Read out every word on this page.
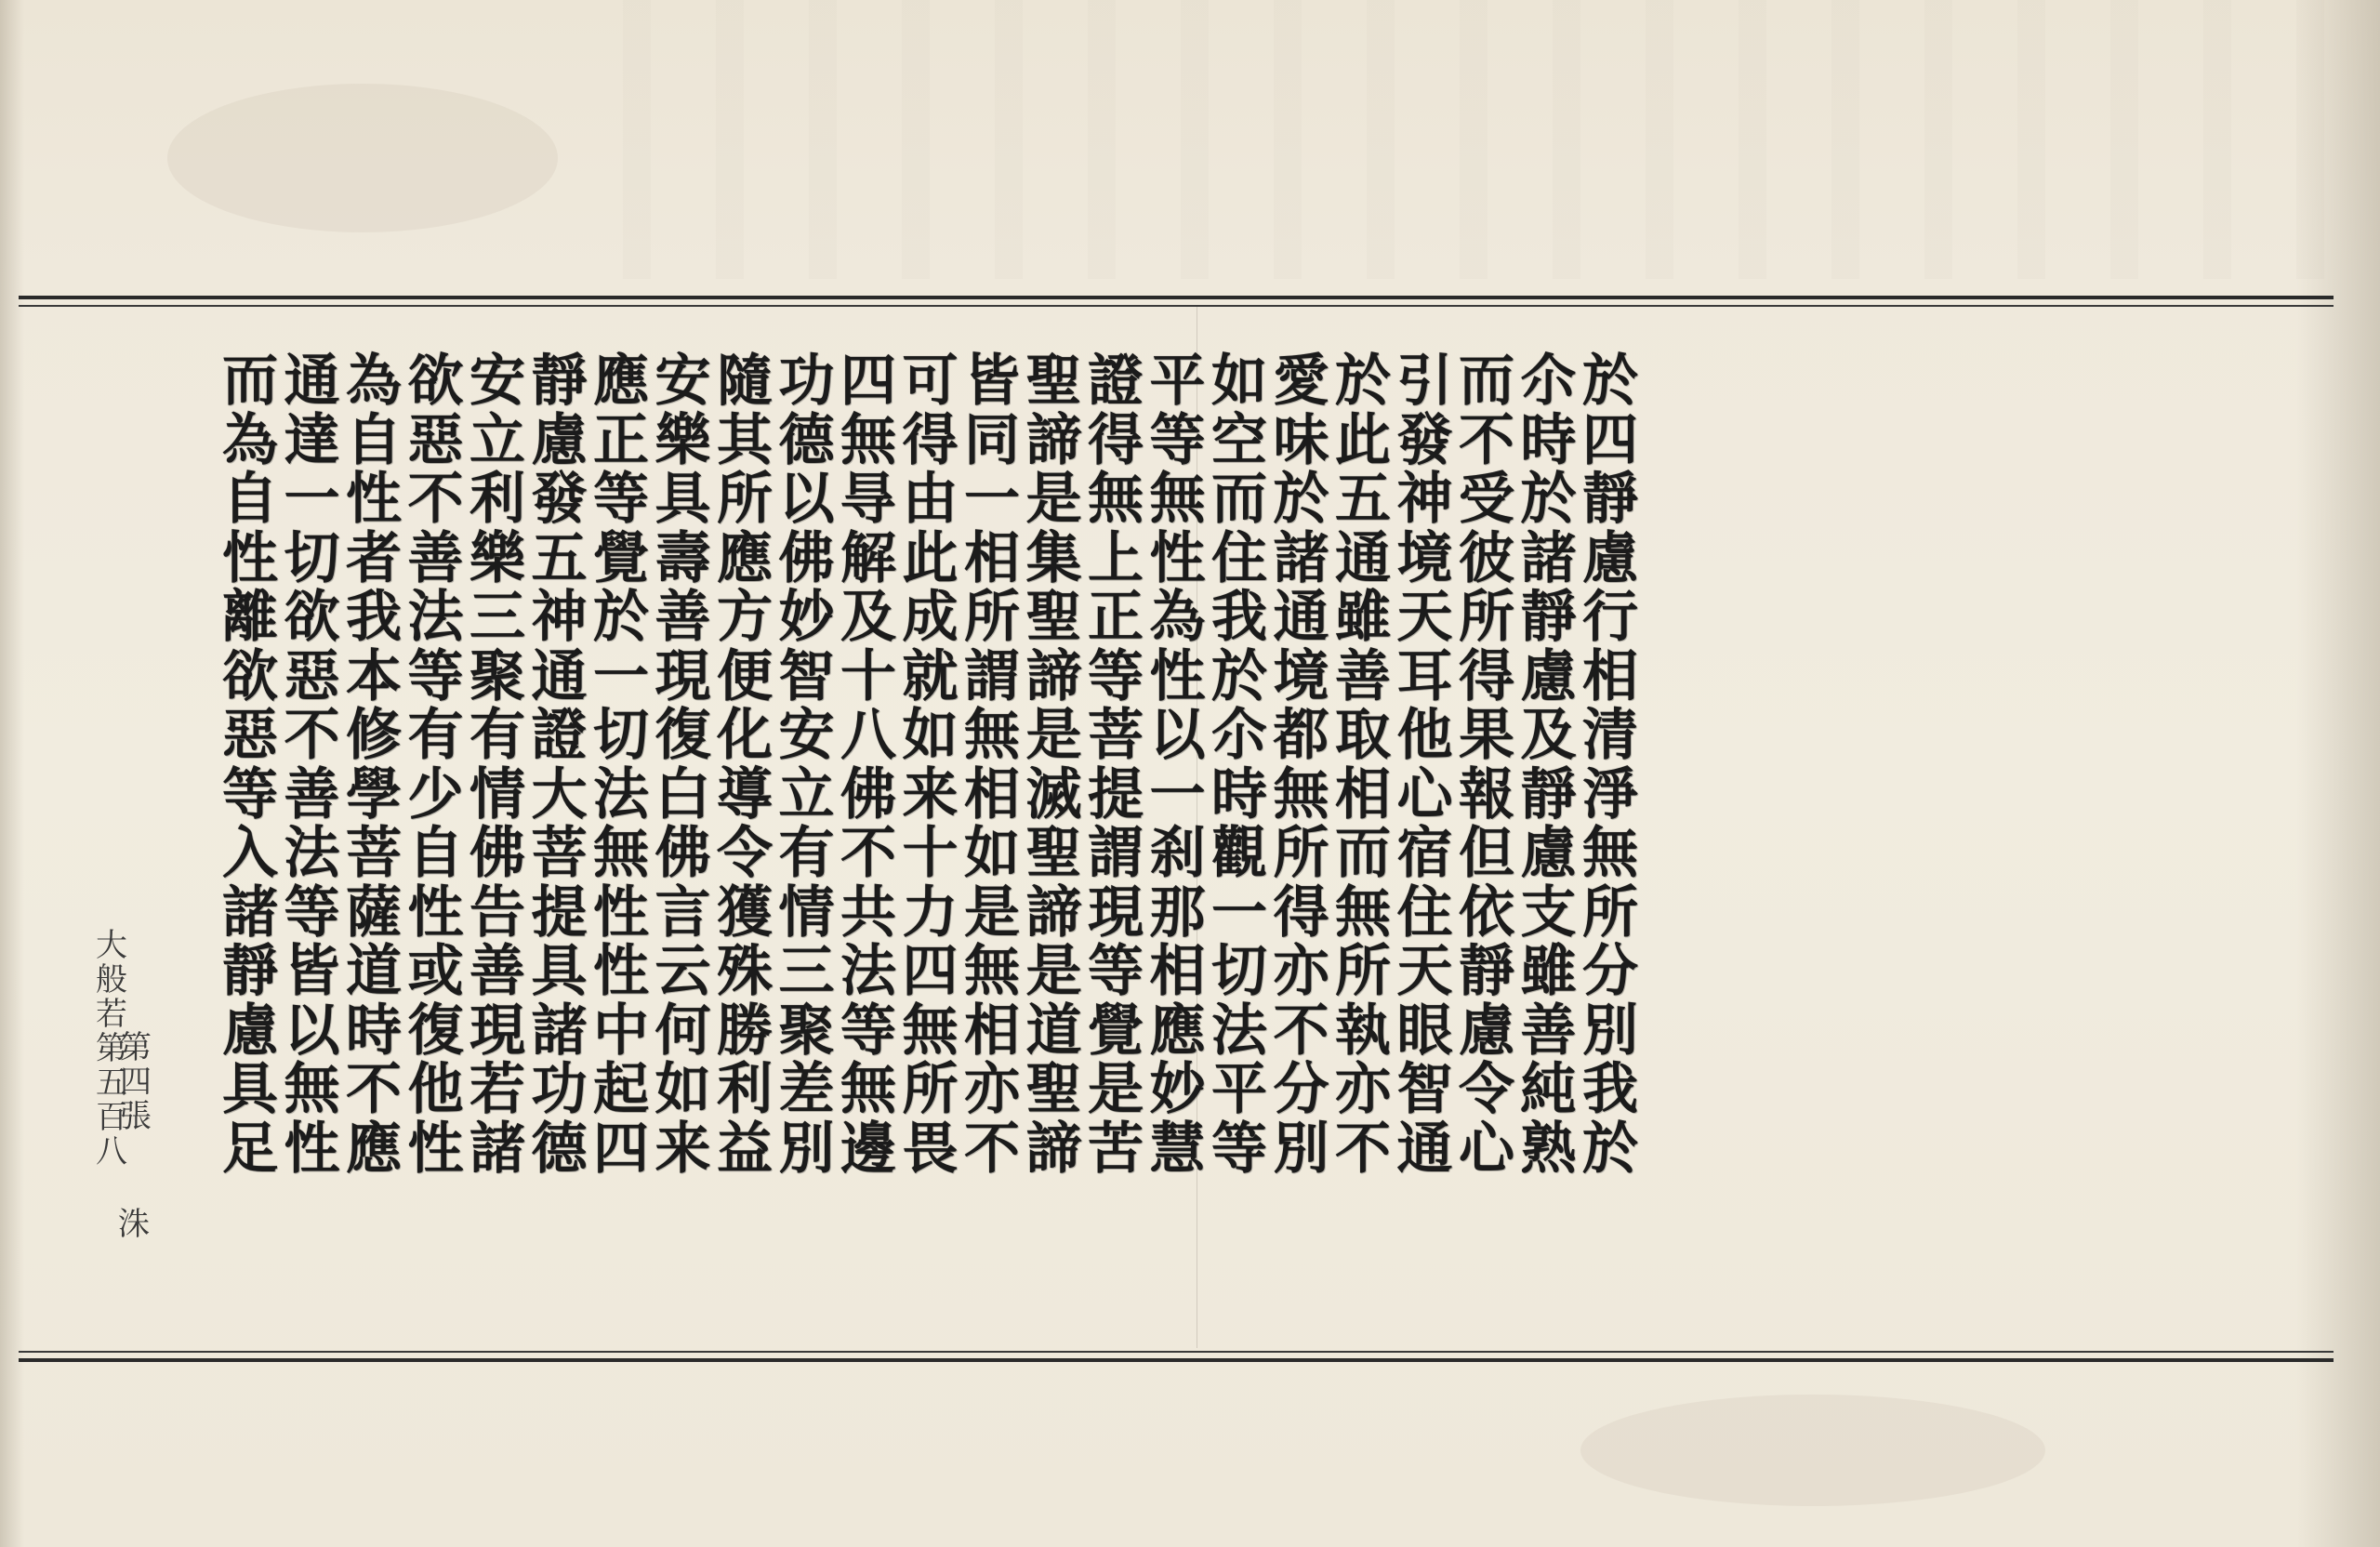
於
四
靜
慮
行
相
清
淨
無
所
分
別
我
於
尒
時
於
諸
靜
慮
及
靜
慮
支
雖
善
純
熟
而
不
受
彼
所
得
果
報
但
依
靜
慮
令
心
引
發
神
境
天
耳
他
心
宿
住
天
眼
智
通
於
此
五
通
雖
善
取
相
而
無
所
執
亦
不
愛
味
於
諸
通
境
都
無
所
得
亦
不
分
別
如
空
而
住
我
於
尒
時
觀
一
切
法
平
等
平
等
無
性
為
性
以
一
刹
那
相
應
妙
慧
證
得
無
上
正
等
菩
提
謂
現
等
覺
是
苦
聖
諦
是
集
聖
諦
是
滅
聖
諦
是
道
聖
諦
皆
同
一
相
所
謂
無
相
如
是
無
相
亦
不
可
得
由
此
成
就
如
来
十
力
四
無
所
畏
四
無
㝵
解
及
十
八
佛
不
共
法
等
無
邊
功
德
以
佛
妙
智
安
立
有
情
三
聚
差
別
隨
其
所
應
方
便
化
導
令
獲
殊
勝
利
益
安
樂
具
壽
善
現
復
白
佛
言
云
何
如
来
應
正
等
覺
於
一
切
法
無
性
性
中
起
四
靜
慮
發
五
神
通
證
大
菩
提
具
諸
功
德
安
立
利
樂
三
聚
有
情
佛
告
善
現
若
諸
欲
惡
不
善
法
等
有
少
自
性
或
復
他
性
為
自
性
者
我
本
修
學
菩
薩
道
時
不
應
通
達
一
切
欲
惡
不
善
法
等
皆
以
無
性
而
為
自
性
離
欲
惡
等
入
諸
靜
慮
具
足
大
般
若
第
五
百
八
第
四
張
洙
